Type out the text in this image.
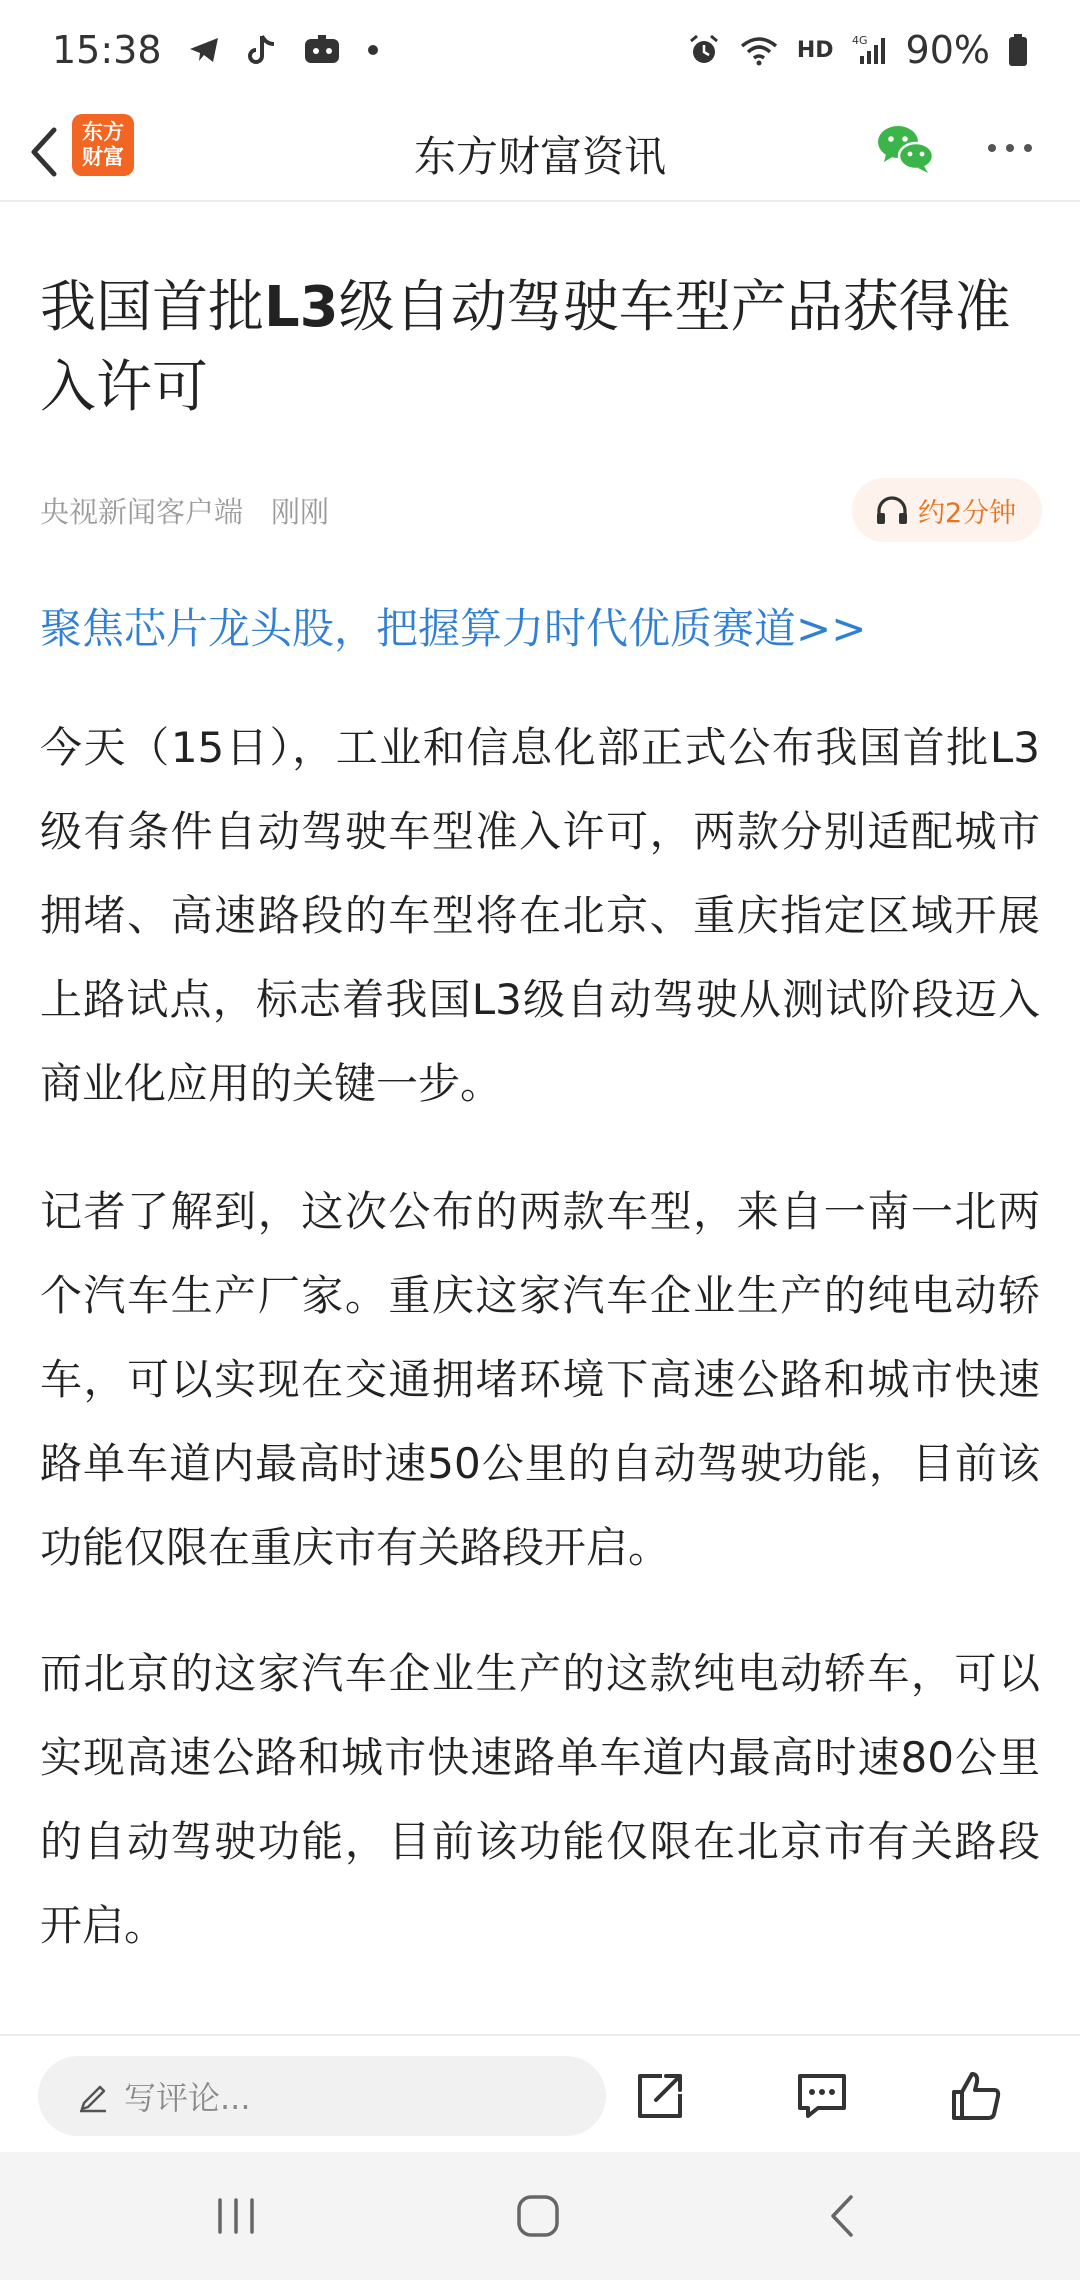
15:38	HD 4G 90%
东方
财富	东方财富资讯
我国首批L3级自动驾驶车型产品获得准入许可
央视新闻客户端 刚刚	约2分钟
聚焦芯片龙头股，把握算力时代优质赛道>>

今天（15日），工业和信息化部正式公布我国首批L3级有条件自动驾驶车型准入许可，两款分别适配城市拥堵、高速路段的车型将在北京、重庆指定区域开展上路试点，标志着我国L3级自动驾驶从测试阶段迈入商业化应用的关键一步。

记者了解到，这次公布的两款车型，来自一南一北两个汽车生产厂家。重庆这家汽车企业生产的纯电动轿车，可以实现在交通拥堵环境下高速公路和城市快速路单车道内最高时速50公里的自动驾驶功能，目前该功能仅限在重庆市有关路段开启。

而北京的这家汽车企业生产的这款纯电动轿车，可以实现高速公路和城市快速路单车道内最高时速80公里的自动驾驶功能，目前该功能仅限在北京市有关路段开启。

写评论...
